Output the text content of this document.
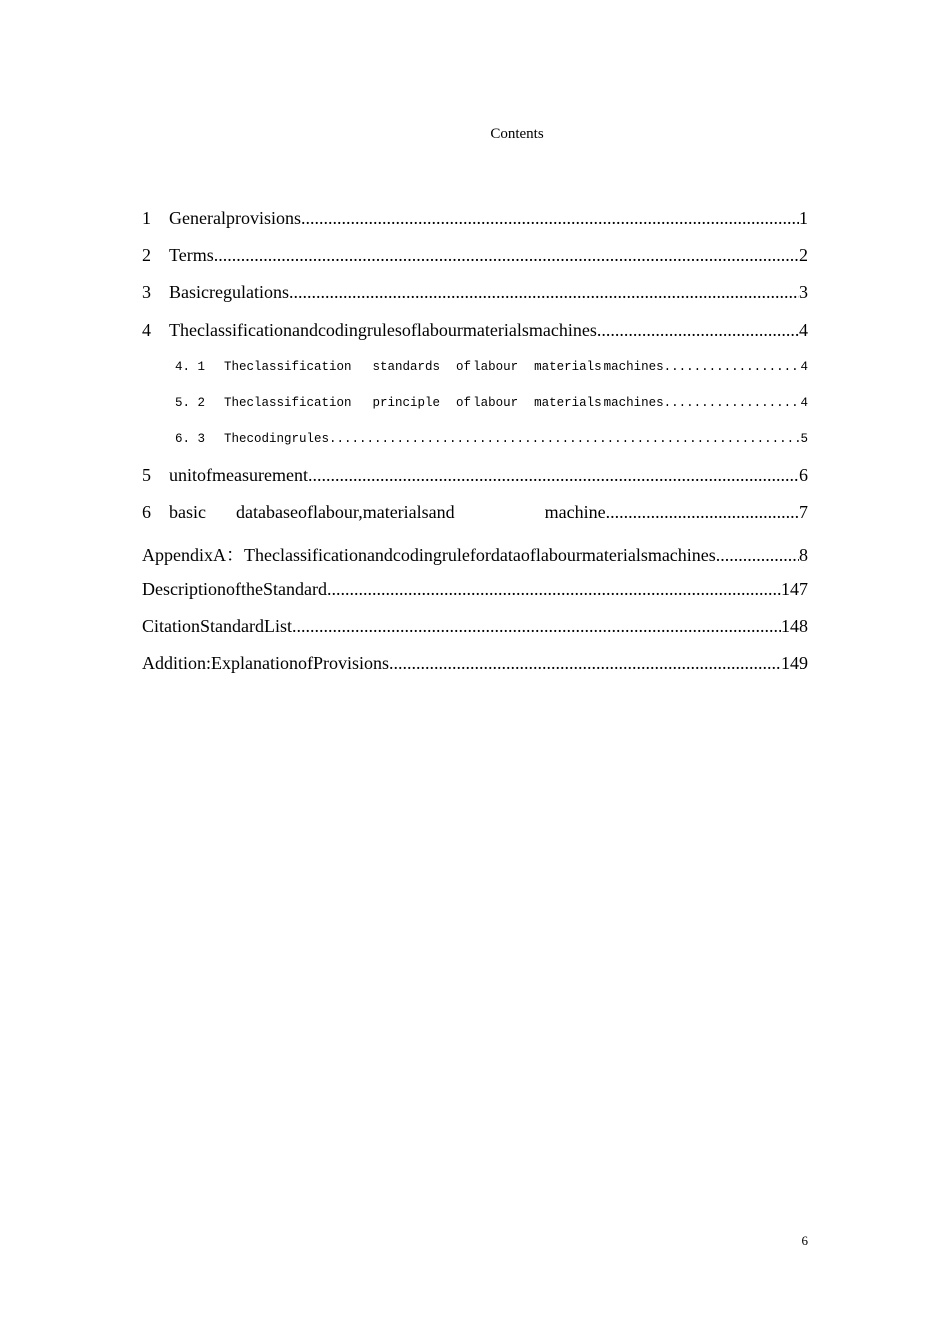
Contents
1	Generalprovisions .....	1
2	Terms .....	2
3	Basicregulations .....	3
4	Theclassificationandcodingrulesoflabourmaterialsmachines .....	4
4. 1	Theclassification standards of labour materials machines .....	4
5. 2	Theclassification principle of labour materials machines .....	4
6. 3	Thecodingrules .....	5
5	unitofmeasurement .....	6
6	basic databaseoflabour,materialsand	machine .....	7
AppendixA：Theclassificationandcodingrulefordataoflabourmaterialsmachines .....	8
DescriptionoftheStandard .....	147
CitationStandardList .....	148
Addition:ExplanationofProvisions .....	149
6
